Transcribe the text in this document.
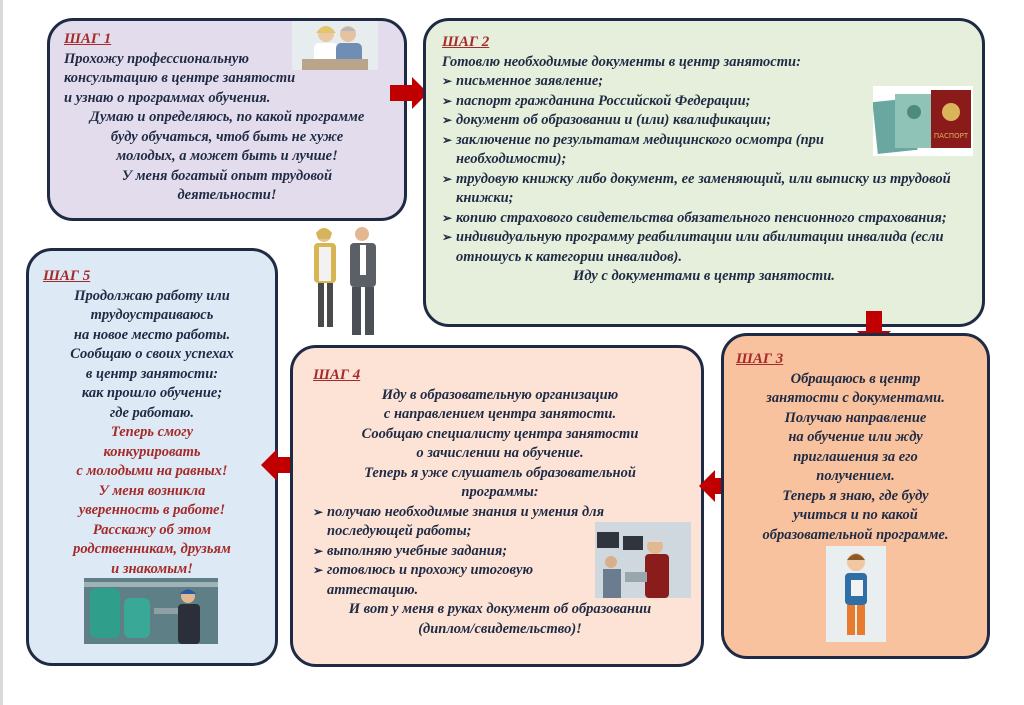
ШАГ 1

Прохожу профессиональную

консультацию в центре занятости

и узнаю о программах обучения.

Думаю и определяюсь, по какой программе

буду обучаться, чтоб быть не хуже

молодых, а может быть и лучше!

У меня богатый опыт трудовой

деятельности!

ШАГ 2

Готовлю необходимые документы в центр занятости:

➢ письменное заявление;
➢ паспорт гражданина Российской Федерации;
➢ документ об образовании и (или) квалификации;
➢ заключение по результатам медицинского осмотра (при необходимости);
➢ трудовую книжку либо документ, ее заменяющий, или выписку из трудовой книжки;
➢ копию страхового свидетельства обязательного пенсионного страхования;
➢ индивидуальную программу реабилитации или абилитации инвалида (если отношусь к категории инвалидов).

Иду с документами в центр занятости.

ПАСПОРТ

ШАГ 5

Продолжаю работу или

трудоустраиваюсь

на новое место работы.

Сообщаю о своих успехах

в центр занятости:

как прошло обучение;

где работаю.

Теперь смогу

конкурировать

с молодыми на равных!

У меня возникла

уверенность в работе!

Расскажу об этом

родственникам, друзьям

и знакомым!

ШАГ 4

Иду в образовательную организацию

с направлением центра занятости.

Сообщаю специалисту центра занятости

о зачислении на обучение.

Теперь я уже слушатель образовательной

программы:

➢ получаю необходимые знания и умения для последующей работы;
➢ выполняю учебные задания;
➢ готовлюсь и прохожу итоговую аттестацию.

И вот у меня в руках документ об образовании

(диплом/свидетельство)!

ШАГ 3

Обращаюсь в центр

занятости с документами.

Получаю направление

на обучение или жду

приглашения за его

получением.

Теперь я знаю, где буду

учиться и по какой

образовательной программе.
